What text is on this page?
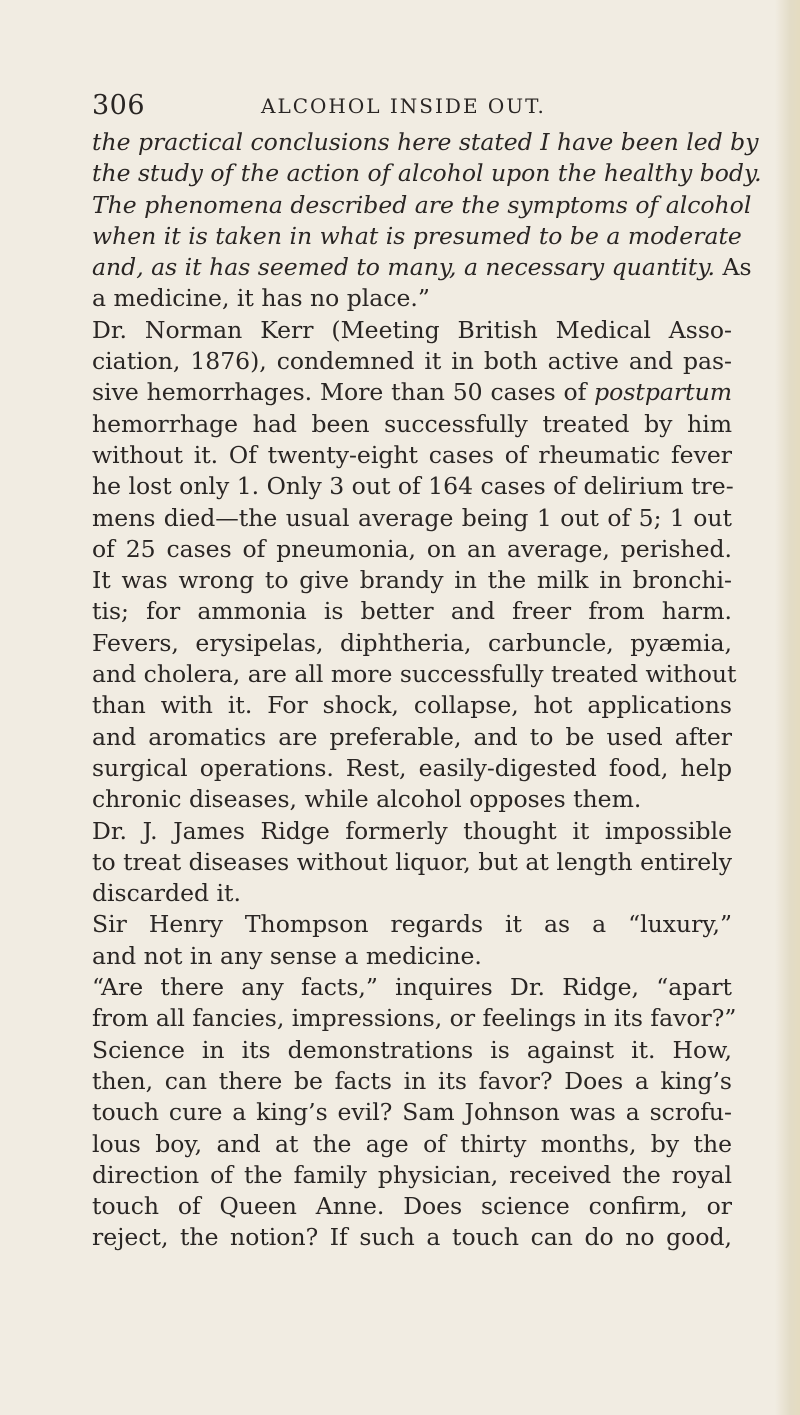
306	ALCOHOL INSIDE OUT.
the practical conclusions here stated I have been led by
the study of the action of alcohol upon the healthy body.
The phenomena described are the symptoms of alcohol
when it is taken in what is presumed to be a moderate
and, as it has seemed to many, a necessary quantity. As
a medicine, it has no place.”
Dr. Norman Kerr (Meeting British Medical Asso-
ciation, 1876), condemned it in both active and pas-
sive hemorrhages. More than 50 cases of postpartum
hemorrhage had been successfully treated by him
without it. Of twenty-eight cases of rheumatic fever
he lost only 1. Only 3 out of 164 cases of delirium tre-
mens died—the usual average being 1 out of 5; 1 out
of 25 cases of pneumonia, on an average, perished.
It was wrong to give brandy in the milk in bronchi-
tis; for ammonia is better and freer from harm.
Fevers, erysipelas, diphtheria, carbuncle, pyæmia,
and cholera, are all more successfully treated without
than with it. For shock, collapse, hot applications
and aromatics are preferable, and to be used after
surgical operations. Rest, easily-digested food, help
chronic diseases, while alcohol opposes them.
Dr. J. James Ridge formerly thought it impossible
to treat diseases without liquor, but at length entirely
discarded it.
Sir Henry Thompson regards it as a “luxury,”
and not in any sense a medicine.
“Are there any facts,” inquires Dr. Ridge, “apart
from all fancies, impressions, or feelings in its favor?”
Science in its demonstrations is against it. How,
then, can there be facts in its favor? Does a king’s
touch cure a king’s evil? Sam Johnson was a scrofu-
lous boy, and at the age of thirty months, by the
direction of the family physician, received the royal
touch of Queen Anne. Does science confirm, or
reject, the notion? If such a touch can do no good,
